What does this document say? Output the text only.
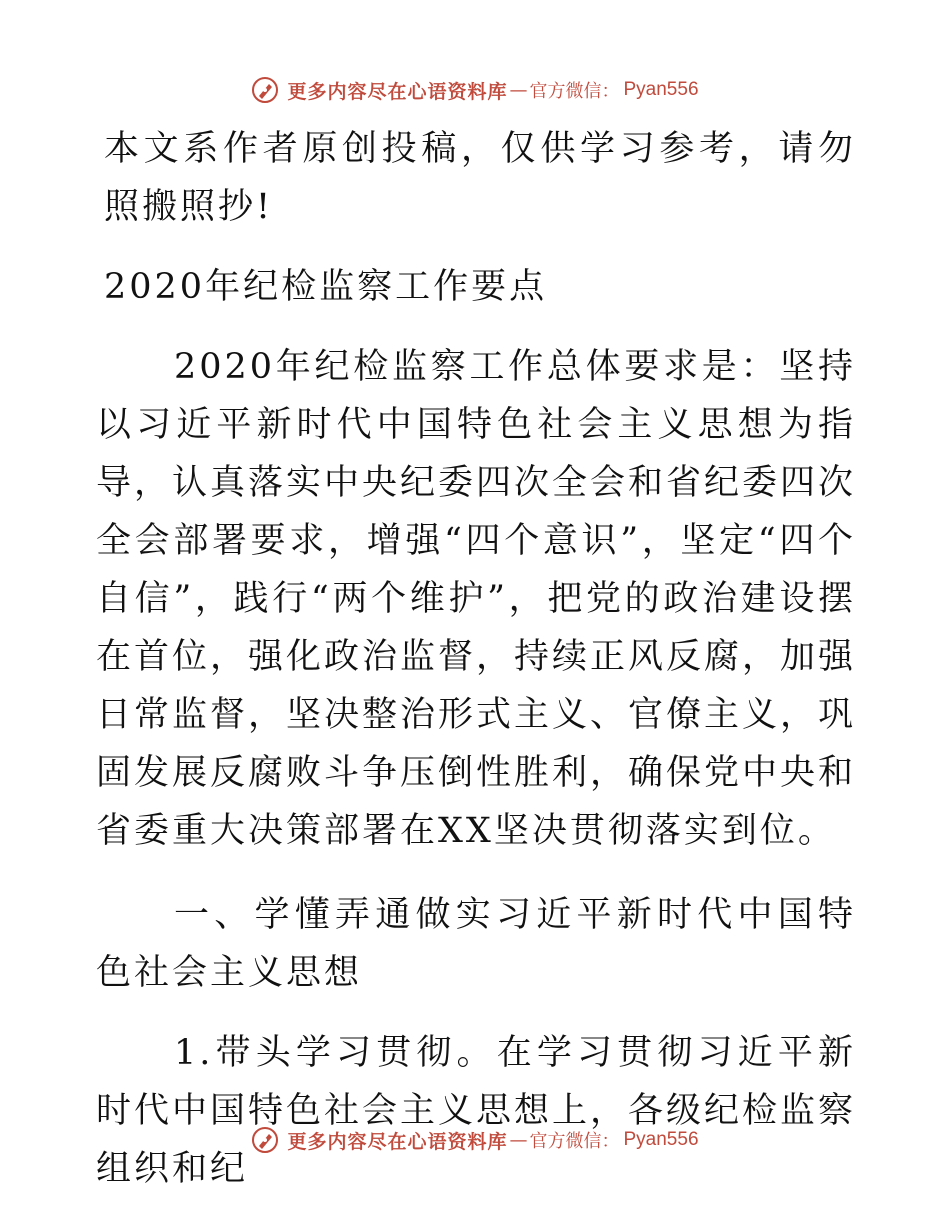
更多内容尽在心语资料库 — 官方微信： Pyan556

本文系作者原创投稿，仅供学习参考，请勿照搬照抄!

2020年纪检监察工作要点

2020年纪检监察工作总体要求是：坚持以习近平新时代中国特色社会主义思想为指导，认真落实中央纪委四次全会和省纪委四次全会部署要求，增强“四个意识”，坚定“四个自信”，践行“两个维护”，把党的政治建设摆在首位，强化政治监督，持续正风反腐，加强日常监督，坚决整治形式主义、官僚主义，巩固发展反腐败斗争压倒性胜利，确保党中央和省委重大决策部署在XX坚决贯彻落实到位。

一、学懂弄通做实习近平新时代中国特色社会主义思想

1.带头学习贯彻。在学习贯彻习近平新时代中国特色社会主义思想上，各级纪检监察组织和纪

更多内容尽在心语资料库 — 官方微信： Pyan556
